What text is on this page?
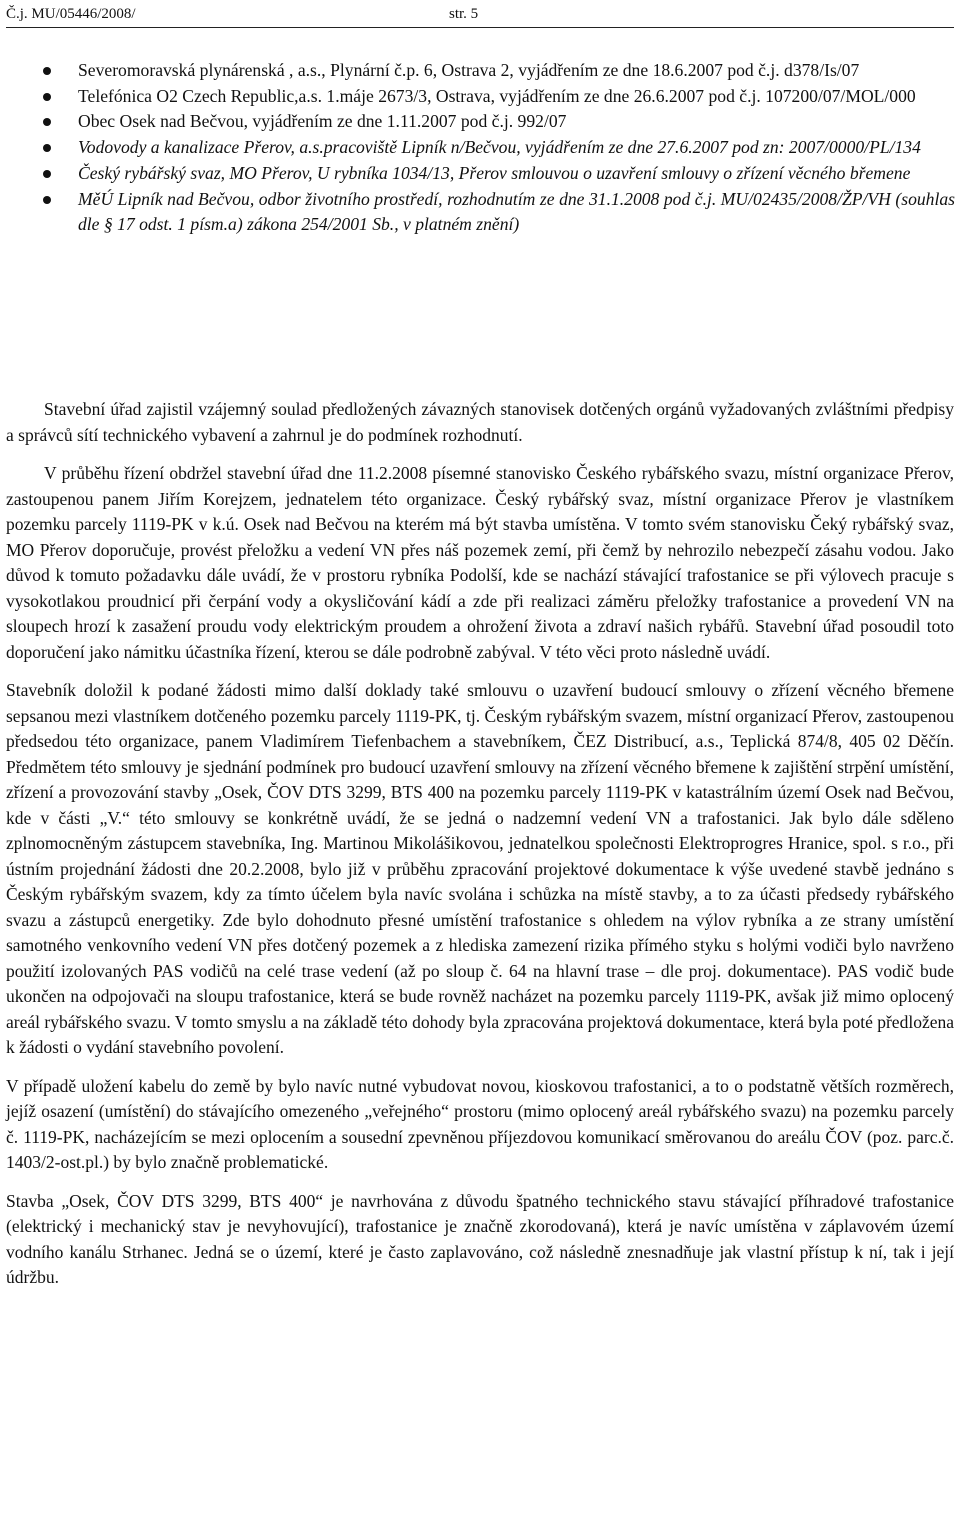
Č.j. MU/05446/2008/	str. 5
Severomoravská plynárenská , a.s., Plynární č.p. 6, Ostrava 2, vyjádřením ze dne 18.6.2007 pod č.j. d378/Is/07
Telefónica O2 Czech Republic,a.s. 1.máje 2673/3, Ostrava, vyjádřením ze dne 26.6.2007 pod č.j. 107200/07/MOL/000
Obec Osek nad Bečvou, vyjádřením ze dne 1.11.2007 pod č.j. 992/07
Vodovody a kanalizace Přerov, a.s.pracoviště Lipník n/Bečvou, vyjádřením ze dne 27.6.2007 pod zn: 2007/0000/PL/134
Český rybářský svaz, MO Přerov, U rybníka 1034/13, Přerov smlouvou o uzavření smlouvy o zřízení věcného břemene
MěÚ Lipník nad Bečvou, odbor životního prostředí, rozhodnutím ze dne 31.1.2008 pod č.j. MU/02435/2008/ŽP/VH (souhlas dle § 17 odst. 1 písm.a) zákona 254/2001 Sb., v platném znění)

Stavební úřad zajistil vzájemný soulad předložených závazných stanovisek dotčených orgánů vyžadovaných zvláštními předpisy a správců sítí technického vybavení a zahrnul je do podmínek rozhodnutí.

V průběhu řízení obdržel stavební úřad dne 11.2.2008 písemné stanovisko Českého rybářského svazu, místní organizace Přerov, zastoupenou panem Jiřím Korejzem, jednatelem této organizace. Český rybářský svaz, místní organizace Přerov je vlastníkem pozemku parcely 1119-PK v k.ú. Osek nad Bečvou na kterém má být stavba umístěna. V tomto svém stanovisku Čeký rybářský svaz, MO Přerov doporučuje, provést přeložku a vedení VN přes náš pozemek zemí, při čemž by nehrozilo nebezpečí zásahu vodou. Jako důvod k tomuto požadavku dále uvádí, že v prostoru rybníka Podolší, kde se nachází stávající trafostanice se při výlovech pracuje s vysokotlakou proudnicí při čerpání vody a okysličování kádí a zde při realizaci záměru přeložky trafostanice a provedení VN na sloupech hrozí k zasažení proudu vody elektrickým proudem a ohrožení života a zdraví našich rybářů. Stavební úřad posoudil toto doporučení jako námitku účastníka řízení, kterou se dále podrobně zabýval. V této věci proto následně uvádí.

Stavebník doložil k podané žádosti mimo další doklady také smlouvu o uzavření budoucí smlouvy o zřízení věcného břemene sepsanou mezi vlastníkem dotčeného pozemku parcely 1119-PK, tj. Českým rybářským svazem, místní organizací Přerov, zastoupenou předsedou této organizace, panem Vladimírem Tiefenbachem a stavebníkem, ČEZ Distribucí, a.s., Teplická 874/8, 405 02 Děčín. Předmětem této smlouvy je sjednání podmínek pro budoucí uzavření smlouvy na zřízení věcného břemene k zajištění strpění umístění, zřízení a provozování stavby „Osek, ČOV DTS 3299, BTS 400 na pozemku parcely 1119-PK v katastrálním území Osek nad Bečvou, kde v části „V.“ této smlouvy se konkrétně uvádí, že se jedná o nadzemní vedení VN a trafostanici. Jak bylo dále sděleno zplnomocněným zástupcem stavebníka, Ing. Martinou Mikolášikovou, jednatelkou společnosti Elektroprogres Hranice, spol. s r.o., při ústním projednání žádosti dne 20.2.2008, bylo již v průběhu zpracování projektové dokumentace k výše uvedené stavbě jednáno s Českým rybářským svazem, kdy za tímto účelem byla navíc svolána i schůzka na místě stavby, a to za účasti předsedy rybářského svazu a zástupců energetiky. Zde bylo dohodnuto přesné umístění trafostanice s ohledem na výlov rybníka a ze strany umístění samotného venkovního vedení VN přes dotčený pozemek a z hlediska zamezení rizika přímého styku s holými vodiči bylo navrženo použití izolovaných PAS vodičů na celé trase vedení (až po sloup č. 64 na hlavní trase – dle proj. dokumentace). PAS vodič bude ukončen na odpojovači na sloupu trafostanice, která se bude rovněž nacházet na pozemku parcely 1119-PK, avšak již mimo oplocený areál rybářského svazu. V tomto smyslu a na základě této dohody byla zpracována projektová dokumentace, která byla poté předložena k žádosti o vydání stavebního povolení.

V případě uložení kabelu do země by bylo navíc nutné vybudovat novou, kioskovou trafostanici, a to o podstatně větších rozměrech, jejíž osazení (umístění) do stávajícího omezeného „veřejného“ prostoru (mimo oplocený areál rybářského svazu) na pozemku parcely č. 1119-PK, nacházejícím se mezi oplocením a sousední zpevněnou příjezdovou komunikací směrovanou do areálu ČOV (poz. parc.č. 1403/2-ost.pl.) by bylo značně problematické.

Stavba „Osek, ČOV DTS 3299, BTS 400“ je navrhována z důvodu špatného technického stavu stávající příhradové trafostanice (elektrický i mechanický stav je nevyhovující), trafostanice je značně zkorodovaná), která je navíc umístěna v záplavovém území vodního kanálu Strhanec. Jedná se o území, které je často zaplavováno, což následně znesnadňuje jak vlastní přístup k ní, tak i její údržbu.
